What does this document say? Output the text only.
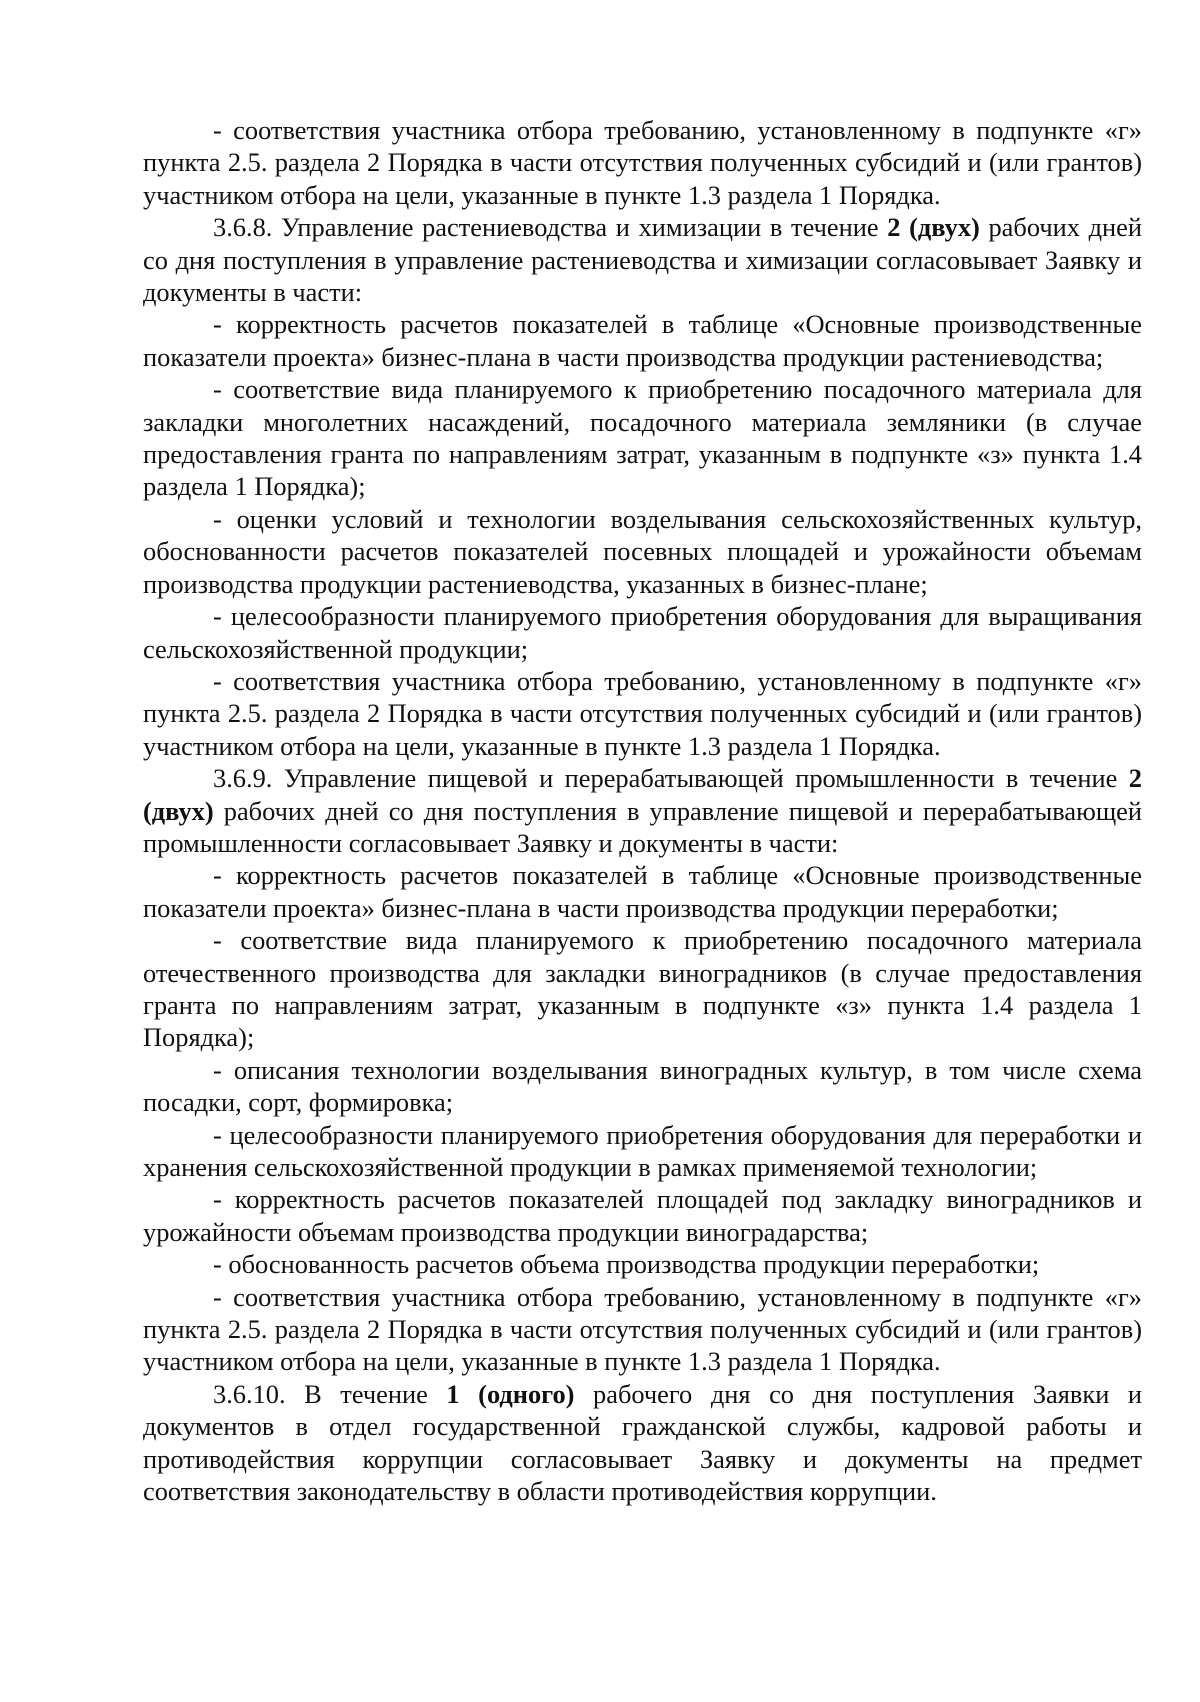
- соответствия участника отбора требованию, установленному в подпункте «г» пункта 2.5. раздела 2 Порядка в части отсутствия полученных субсидий и (или грантов) участником отбора на цели, указанные в пункте 1.3 раздела 1 Порядка.

3.6.8. Управление растениеводства и химизации в течение 2 (двух) рабочих дней со дня поступления в управление растениеводства и химизации согласовывает Заявку и документы в части:

- корректность расчетов показателей в таблице «Основные производственные показатели проекта» бизнес-плана в части производства продукции растениеводства;

- соответствие вида планируемого к приобретению посадочного материала для закладки многолетних насаждений, посадочного материала земляники (в случае предоставления гранта по направлениям затрат, указанным в подпункте «з» пункта 1.4 раздела 1 Порядка);

- оценки условий и технологии возделывания сельскохозяйственных культур, обоснованности расчетов показателей посевных площадей и урожайности объемам производства продукции растениеводства, указанных в бизнес-плане;

- целесообразности планируемого приобретения оборудования для выращивания сельскохозяйственной продукции;

- соответствия участника отбора требованию, установленному в подпункте «г» пункта 2.5. раздела 2 Порядка в части отсутствия полученных субсидий и (или грантов) участником отбора на цели, указанные в пункте 1.3 раздела 1 Порядка.

3.6.9. Управление пищевой и перерабатывающей промышленности в течение 2 (двух) рабочих дней со дня поступления в управление пищевой и перерабатывающей промышленности согласовывает Заявку и документы в части:

- корректность расчетов показателей в таблице «Основные производственные показатели проекта» бизнес-плана в части производства продукции переработки;

- соответствие вида планируемого к приобретению посадочного материала отечественного производства для закладки виноградников (в случае предоставления гранта по направлениям затрат, указанным в подпункте «з» пункта 1.4 раздела 1 Порядка);

- описания технологии возделывания виноградных культур, в том числе схема посадки, сорт, формировка;

- целесообразности планируемого приобретения оборудования для переработки и хранения сельскохозяйственной продукции в рамках применяемой технологии;

- корректность расчетов показателей площадей под закладку виноградников и урожайности объемам производства продукции виноградарства;

- обоснованность расчетов объема производства продукции переработки;

- соответствия участника отбора требованию, установленному в подпункте «г» пункта 2.5. раздела 2 Порядка в части отсутствия полученных субсидий и (или грантов) участником отбора на цели, указанные в пункте 1.3 раздела 1 Порядка.

3.6.10. В течение 1 (одного) рабочего дня со дня поступления Заявки и документов в отдел государственной гражданской службы, кадровой работы и противодействия коррупции согласовывает Заявку и документы на предмет соответствия законодательству в области противодействия коррупции.
